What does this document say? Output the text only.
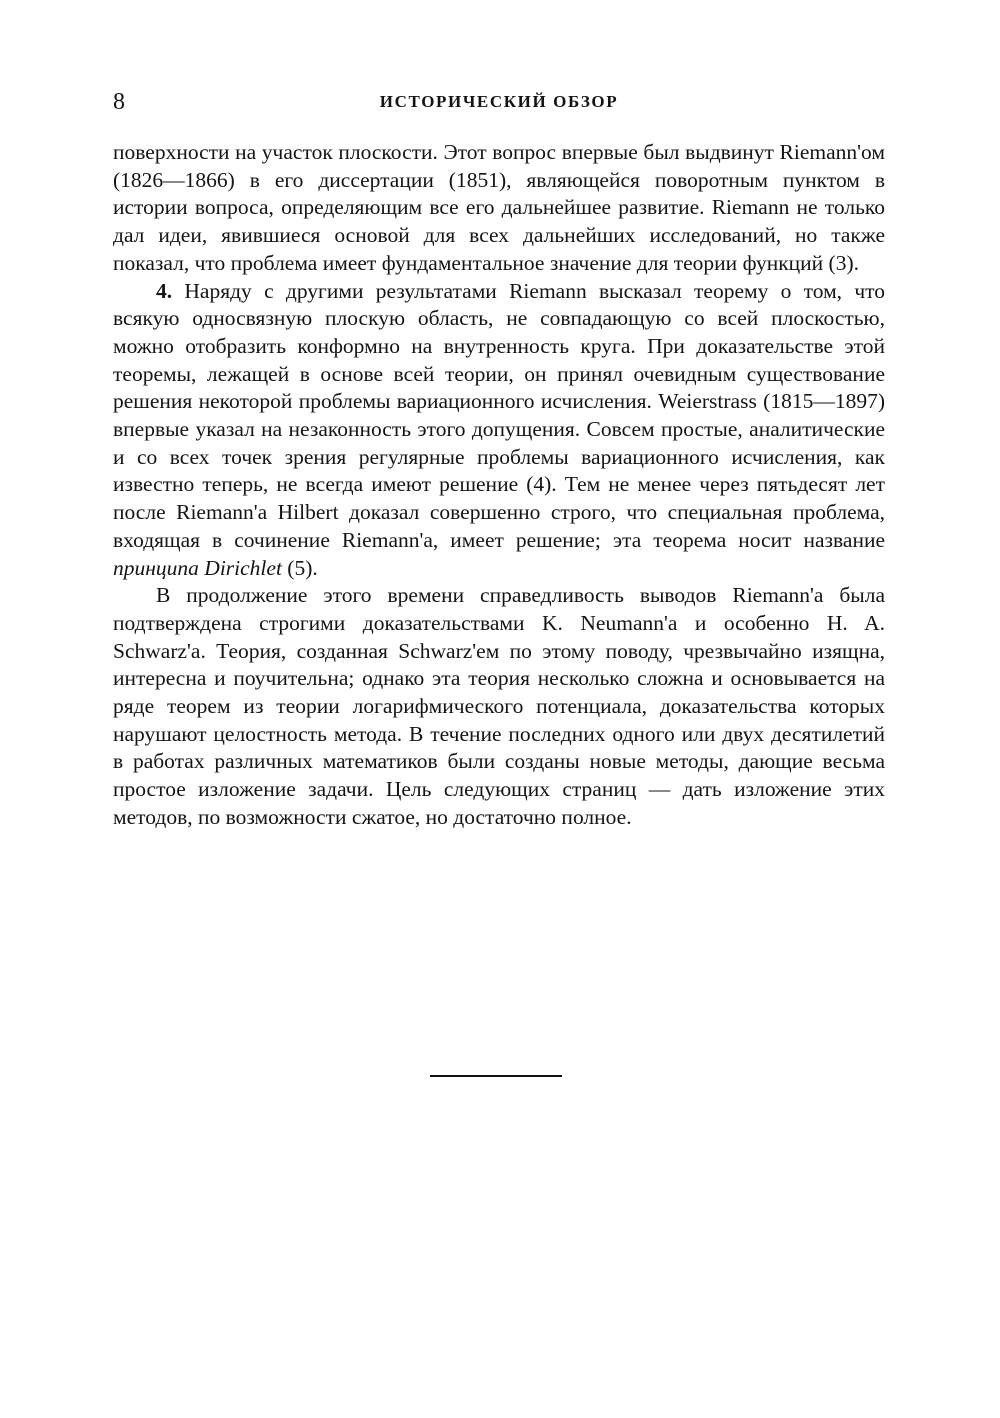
8	ИСТОРИЧЕСКИЙ ОБЗОР

поверхности на участок плоскости. Этот вопрос впервые был выдвинут Riemann'ом (1826—1866) в его диссертации (1851), являющейся поворотным пунктом в истории вопроса, определяющим все его дальнейшее развитие. Riemann не только дал идеи, явившиеся основой для всех дальнейших исследований, но также показал, что проблема имеет фундаментальное значение для теории функций (3).

4. Наряду с другими результатами Riemann высказал теорему о том, что всякую односвязную плоскую область, не совпадающую со всей плоскостью, можно отобразить конформно на внутренность круга. При доказательстве этой теоремы, лежащей в основе всей теории, он принял очевидным существование решения некоторой проблемы вариационного исчисления. Weierstrass (1815—1897) впервые указал на незаконность этого допущения. Совсем простые, аналитические и со всех точек зрения регулярные проблемы вариационного исчисления, как известно теперь, не всегда имеют решение (4). Тем не менее через пятьдесят лет после Riemann'a Hilbert доказал совершенно строго, что специальная проблема, входящая в сочинение Riemann'a, имеет решение; эта теорема носит название принципа Dirichlet (5).

В продолжение этого времени справедливость выводов Riemann'a была подтверждена строгими доказательствами K. Neumann'a и особенно H. A. Schwarz'a. Теория, созданная Schwarz'ем по этому поводу, чрезвычайно изящна, интересна и поучительна; однако эта теория несколько сложна и основывается на ряде теорем из теории логарифмического потенциала, доказательства которых нарушают целостность метода. В течение последних одного или двух десятилетий в работах различных математиков были созданы новые методы, дающие весьма простое изложение задачи. Цель следующих страниц — дать изложение этих методов, по возможности сжатое, но достаточно полное.
